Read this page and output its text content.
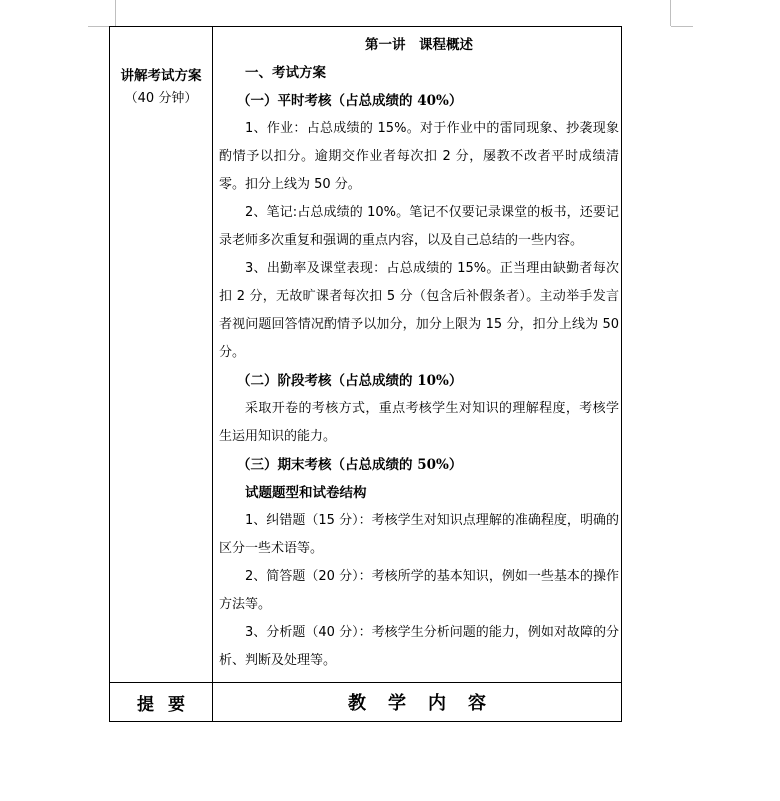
讲解考试方案
（40 分钟）

第一讲　课程概述

一、考试方案

（一）平时考核（占总成绩的 40%）

1、作业：占总成绩的 15%。对于作业中的雷同现象、抄袭现象酌情予以扣分。逾期交作业者每次扣 2 分，屡教不改者平时成绩清零。扣分上线为 50 分。

2、笔记:占总成绩的 10%。笔记不仅要记录课堂的板书，还要记录老师多次重复和强调的重点内容，以及自己总结的一些内容。

3、出勤率及课堂表现：占总成绩的 15%。正当理由缺勤者每次扣 2 分，无故旷课者每次扣 5 分（包含后补假条者）。主动举手发言者视问题回答情况酌情予以加分，加分上限为 15 分，扣分上线为 50 分。

（二）阶段考核（占总成绩的 10%）

采取开卷的考核方式，重点考核学生对知识的理解程度，考核学生运用知识的能力。

（三）期末考核（占总成绩的 50%）

试题题型和试卷结构

1、纠错题（15 分）：考核学生对知识点理解的准确程度，明确的区分一些术语等。

2、简答题（20 分）：考核所学的基本知识，例如一些基本的操作方法等。

3、分析题（40 分）：考核学生分析问题的能力，例如对故障的分析、判断及处理等。

提要	教学内容
